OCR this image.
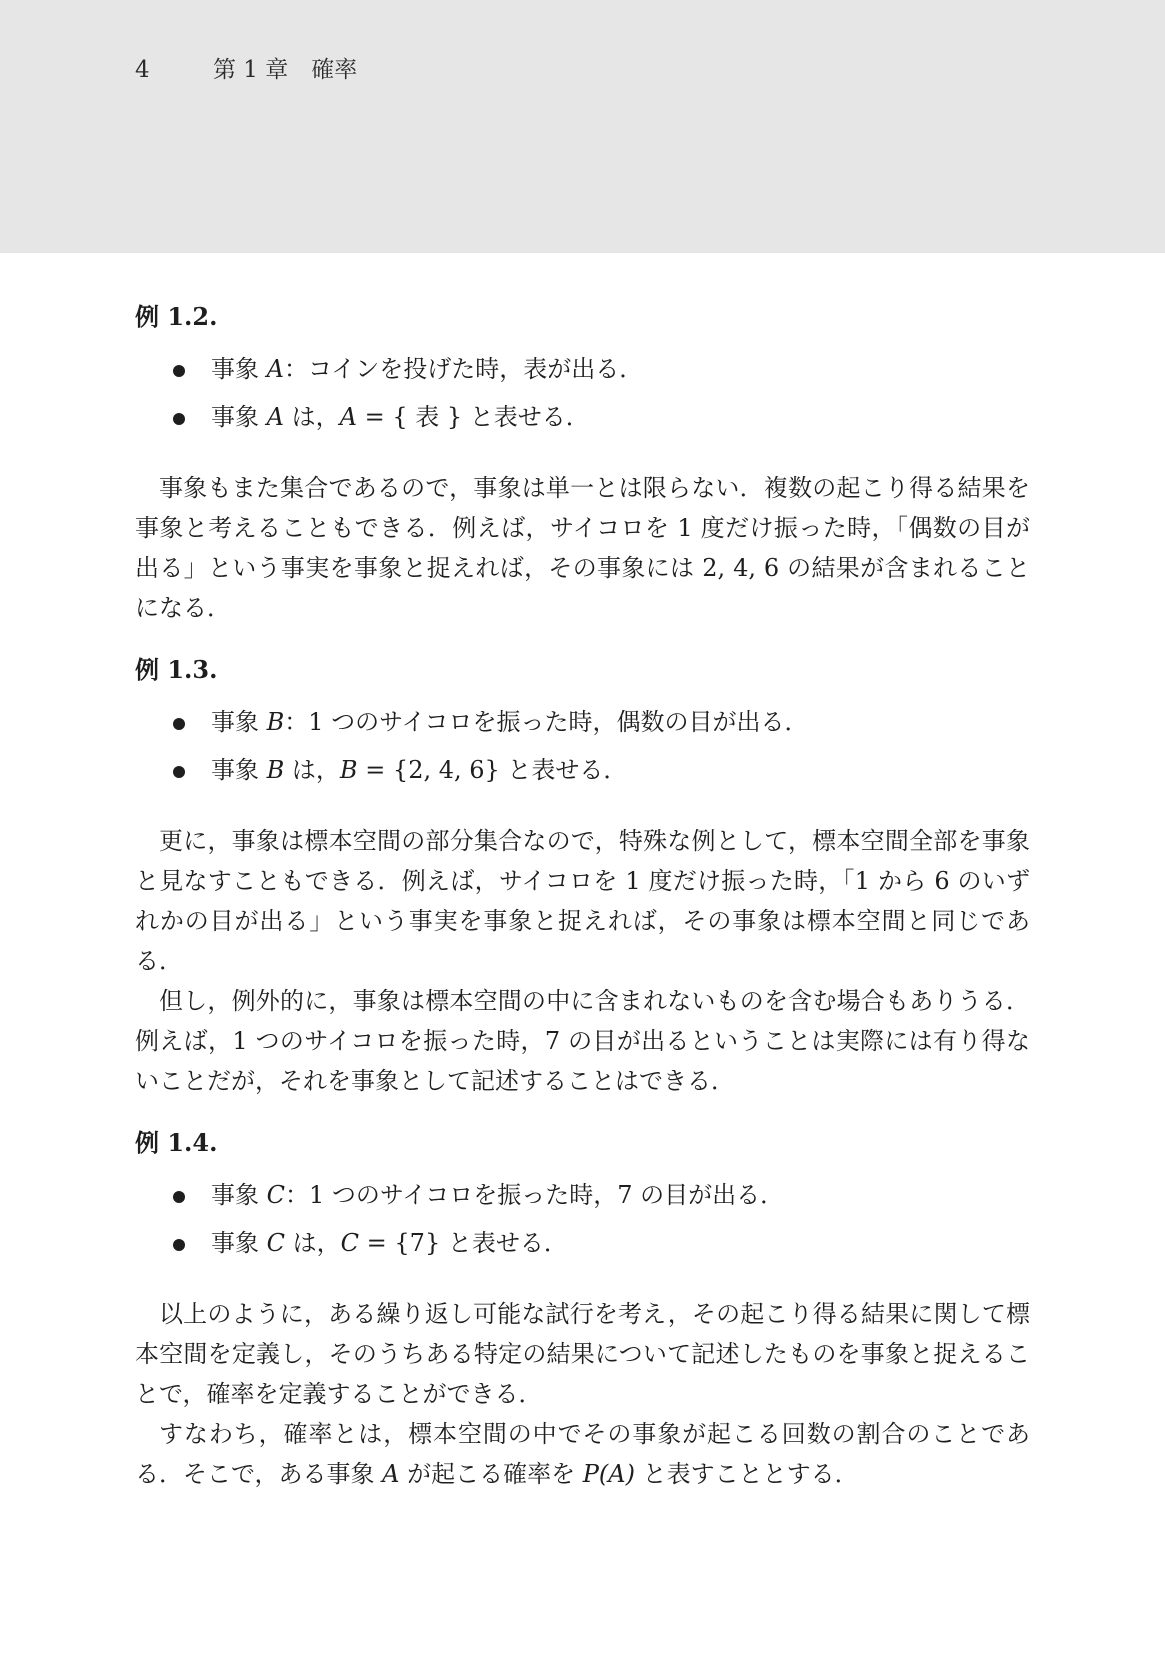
4	第 1 章　確率

例 1.2.

事象 A：コインを投げた時，表が出る．
事象 A は，A = { 表 } と表せる．

事象もまた集合であるので，事象は単一とは限らない．複数の起こり得る結果を事象と考えることもできる．例えば，サイコロを 1 度だけ振った時，「偶数の目が出る」という事実を事象と捉えれば，その事象には 2, 4, 6 の結果が含まれることになる．

例 1.3.

事象 B：1 つのサイコロを振った時，偶数の目が出る．
事象 B は，B = {2, 4, 6} と表せる．

更に，事象は標本空間の部分集合なので，特殊な例として，標本空間全部を事象と見なすこともできる．例えば，サイコロを 1 度だけ振った時，「1 から 6 のいずれかの目が出る」という事実を事象と捉えれば，その事象は標本空間と同じである．

但し，例外的に，事象は標本空間の中に含まれないものを含む場合もありうる．例えば，1 つのサイコロを振った時，7 の目が出るということは実際には有り得ないことだが，それを事象として記述することはできる．

例 1.4.

事象 C：1 つのサイコロを振った時，7 の目が出る．
事象 C は，C = {7} と表せる．

以上のように，ある繰り返し可能な試行を考え，その起こり得る結果に関して標本空間を定義し，そのうちある特定の結果について記述したものを事象と捉えることで，確率を定義することができる．

すなわち，確率とは，標本空間の中でその事象が起こる回数の割合のことである．そこで，ある事象 A が起こる確率を P(A) と表すこととする．
